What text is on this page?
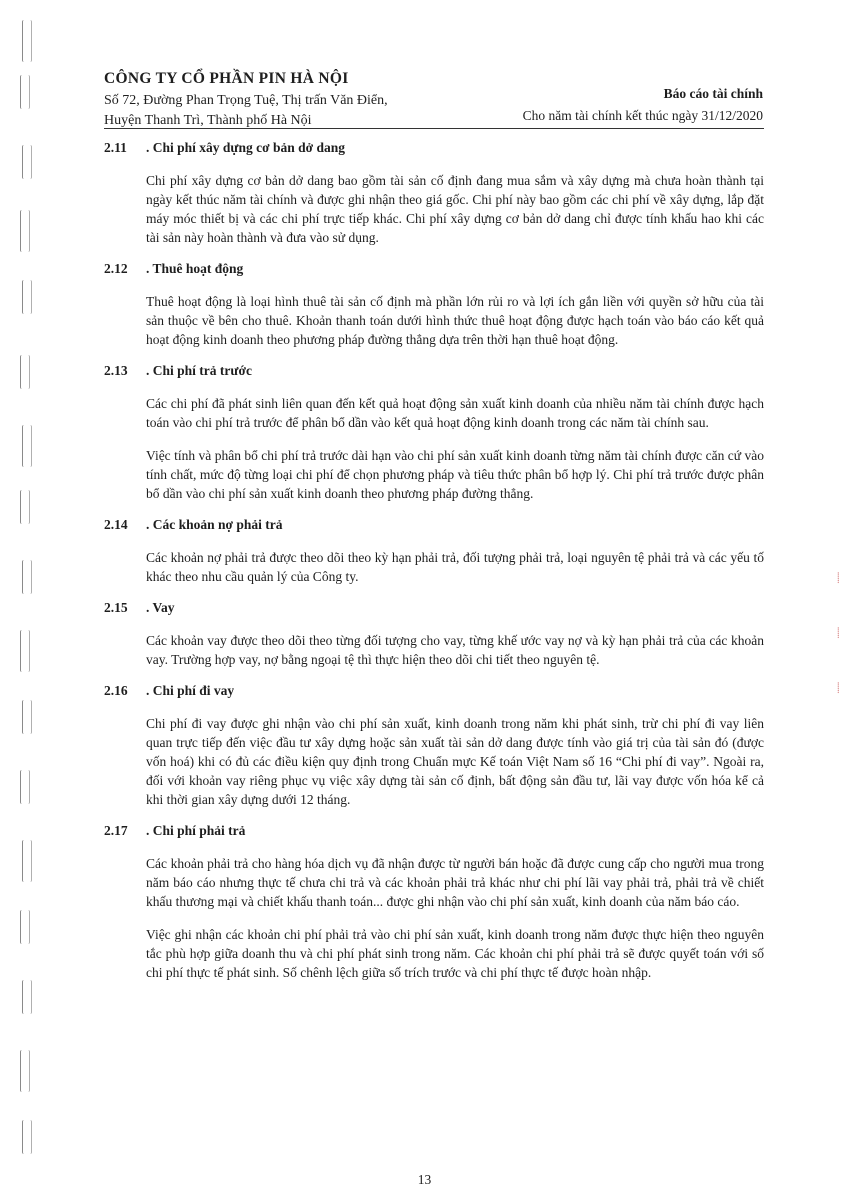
⸽
⸽
⸽
CÔNG TY CỔ PHẦN PIN HÀ NỘI
Số 72, Đường Phan Trọng Tuệ, Thị trấn Văn Điển,
Huyện Thanh Trì, Thành phố Hà Nội
Báo cáo tài chính
Cho năm tài chính kết thúc ngày 31/12/2020
2.11 . Chi phí xây dựng cơ bản dở dang

Chi phí xây dựng cơ bản dở dang bao gồm tài sản cố định đang mua sắm và xây dựng mà chưa hoàn thành tại ngày kết thúc năm tài chính và được ghi nhận theo giá gốc. Chi phí này bao gồm các chi phí về xây dựng, lắp đặt máy móc thiết bị và các chi phí trực tiếp khác. Chi phí xây dựng cơ bản dở dang chỉ được tính khấu hao khi các tài sản này hoàn thành và đưa vào sử dụng.

2.12 . Thuê hoạt động

Thuê hoạt động là loại hình thuê tài sản cố định mà phần lớn rủi ro và lợi ích gắn liền với quyền sở hữu của tài sản thuộc về bên cho thuê. Khoản thanh toán dưới hình thức thuê hoạt động được hạch toán vào báo cáo kết quả hoạt động kinh doanh theo phương pháp đường thẳng dựa trên thời hạn thuê hoạt động.

2.13 . Chi phí trả trước

Các chi phí đã phát sinh liên quan đến kết quả hoạt động sản xuất kinh doanh của nhiều năm tài chính được hạch toán vào chi phí trả trước để phân bổ dần vào kết quả hoạt động kinh doanh trong các năm tài chính sau.

Việc tính và phân bổ chi phí trả trước dài hạn vào chi phí sản xuất kinh doanh từng năm tài chính được căn cứ vào tính chất, mức độ từng loại chi phí để chọn phương pháp và tiêu thức phân bổ hợp lý. Chi phí trả trước được phân bổ dần vào chi phí sản xuất kinh doanh theo phương pháp đường thẳng.

2.14 . Các khoản nợ phải trả

Các khoản nợ phải trả được theo dõi theo kỳ hạn phải trả, đối tượng phải trả, loại nguyên tệ phải trả và các yếu tố khác theo nhu cầu quản lý của Công ty.

2.15 . Vay

Các khoản vay được theo dõi theo từng đối tượng cho vay, từng khế ước vay nợ và kỳ hạn phải trả của các khoản vay. Trường hợp vay, nợ bằng ngoại tệ thì thực hiện theo dõi chi tiết theo nguyên tệ.

2.16 . Chi phí đi vay

Chi phí đi vay được ghi nhận vào chi phí sản xuất, kinh doanh trong năm khi phát sinh, trừ chi phí đi vay liên quan trực tiếp đến việc đầu tư xây dựng hoặc sản xuất tài sản dở dang được tính vào giá trị của tài sản đó (được vốn hoá) khi có đủ các điều kiện quy định trong Chuẩn mực Kế toán Việt Nam số 16 “Chi phí đi vay”. Ngoài ra, đối với khoản vay riêng phục vụ việc xây dựng tài sản cố định, bất động sản đầu tư, lãi vay được vốn hóa kể cả khi thời gian xây dựng dưới 12 tháng.

2.17 . Chi phí phải trả

Các khoản phải trả cho hàng hóa dịch vụ đã nhận được từ người bán hoặc đã được cung cấp cho người mua trong năm báo cáo nhưng thực tế chưa chi trả và các khoản phải trả khác như chi phí lãi vay phải trả, phải trả về chiết khấu thương mại và chiết khấu thanh toán... được ghi nhận vào chi phí sản xuất, kinh doanh của năm báo cáo.

Việc ghi nhận các khoản chi phí phải trả vào chi phí sản xuất, kinh doanh trong năm được thực hiện theo nguyên tắc phù hợp giữa doanh thu và chi phí phát sinh trong năm. Các khoản chi phí phải trả sẽ được quyết toán với số chi phí thực tế phát sinh. Số chênh lệch giữa số trích trước và chi phí thực tế được hoàn nhập.

13
